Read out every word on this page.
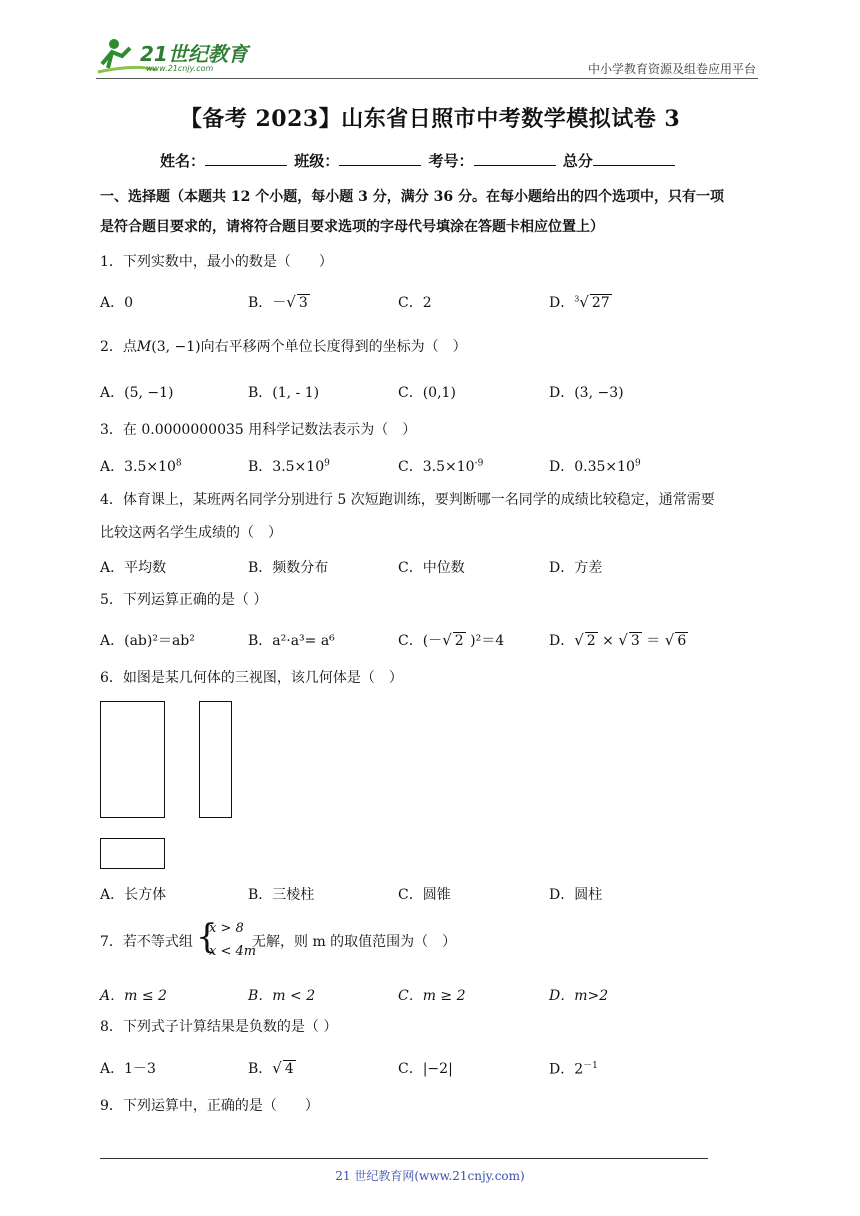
21世纪教育
www.21cnjy.com	中小学教育资源及组卷应用平台
【备考 2023】山东省日照市中考数学模拟试卷 3
姓名：	班级：	考号：	总分
一、选择题（本题共 12 个小题，每小题 3 分，满分 36 分。在每小题给出的四个选项中，只有一项
是符合题目要求的，请将符合题目要求选项的字母代号填涂在答题卡相应位置上）
1．下列实数中，最小的数是（　　）
A．0	B．－√ 3	C．2	D．$^3$√ 27
2．点M(3, −1)向右平移两个单位长度得到的坐标为（　）
A．(5, −1)	B．(1, - 1)	C．(0,1)	D．(3, −3)
3．在 0.0000000035 用科学记数法表示为（　）
A．$3.5\times 10^8$	B．$3.5\times 10^9$	C．$3.5\times 10^{-9}$	D．$0.35\times 10^9$
4．体育课上，某班两名同学分别进行 5 次短跑训练，要判断哪一名同学的成绩比较稳定，通常需要
比较这两名学生成绩的（　）
A．平均数	B．频数分布	C．中位数	D．方差
5．下列运算正确的是（ ）
A．(ab)²＝ab²	B．a²·a³= a⁶	C．(－√ 2 )²＝4	D．√ 2 × √ 3 ＝ √ 6
6．如图是某几何体的三视图，该几何体是（　）
A．长方体	B．三棱柱	C．圆锥	D．圆柱
7．若不等式组 {
x > 8
x < 4m
无解，则 m 的取值范围为（　）
A．m ≤ 2	B．m < 2	C．m ≥ 2	D．m>2
8．下列式子计算结果是负数的是（ ）
A．1－3	B．√ 4	C．|−2|	D．$2^{-1}$
9．下列运算中，正确的是（　　）
21 世纪教育网(www.21cnjy.com)
